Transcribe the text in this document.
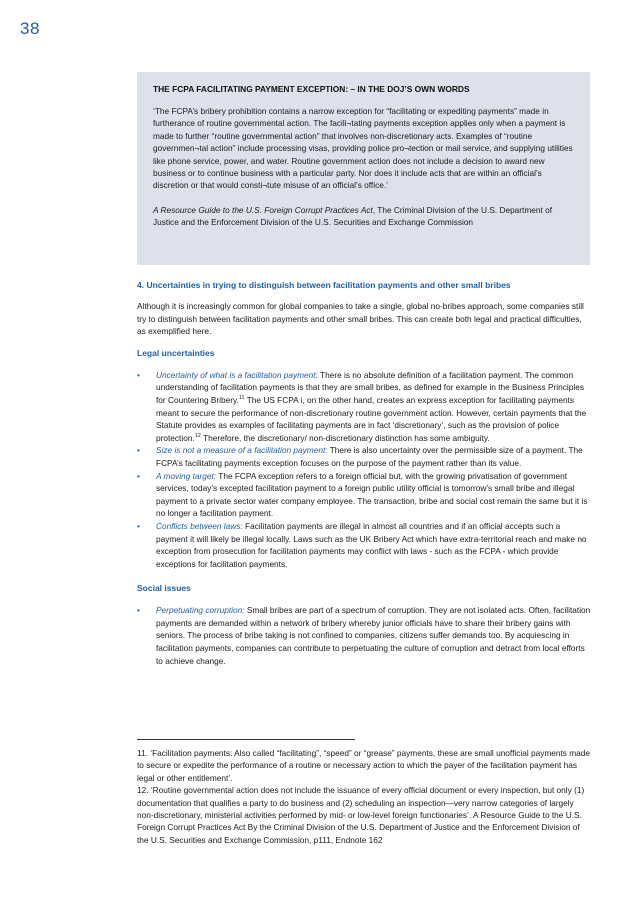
38
THE FCPA FACILITATING PAYMENT EXCEPTION: – IN THE DOJ’S OWN WORDS

‘The FCPA’s bribery prohibition contains a narrow exception for “facilitating or expediting payments” made in furtherance of routine governmental action. The facili¬tating payments exception applies only when a payment is made to further “routine governmental action” that involves non-discretionary acts. Examples of “routine governmen¬tal action” include processing visas, providing police pro¬tection or mail service, and supplying utilities like phone service, power, and water. Routine government action does not include a decision to award new business or to continue business with a particular party. Nor does it include acts that are within an official’s discretion or that would consti¬tute misuse of an official’s office.’

A Resource Guide to the U.S. Foreign Corrupt Practices Act, The Criminal Division of the U.S. Department of Justice and the Enforcement Division of the U.S. Securities and Exchange Commission

4. Uncertainties in trying to distinguish between facilitation payments and other small bribes

Although it is increasingly common for global companies to take a single, global no-bribes approach, some companies still try to distinguish between facilitation payments and other small bribes. This can create both legal and practical difficulties, as exemplified here.

Legal uncertainties
• Uncertainty of what is a facilitation payment: There is no absolute definition of a facilitation payment. The common understanding of facilitation payments is that they are small bribes, as defined for example in the Business Principles for Countering Bribery.$^{11}$ The US FCPA i, on the other hand, creates an express exception for facilitating payments meant to secure the performance of non-discretionary routine government action. However, certain payments that the Statute provides as examples of facilitating payments are in fact ‘discretionary’, such as the provision of police protection.$^{12}$ Therefore, the discretionary/ non-discretionary distinction has some ambiguity.
• Size is not a measure of a facilitation payment: There is also uncertainty over the permissible size of a payment. The FCPA’s facilitating payments exception focuses on the purpose of the payment rather than its value.
• A moving target: The FCPA exception refers to a foreign official but, with the growing privatisation of government services, today’s excepted facilitation payment to a foreign public utility official is tomorrow’s small bribe and illegal payment to a private sector water company employee. The transaction, bribe and social cost remain the same but it is no longer a facilitation payment.
• Conflicts between laws: Facilitation payments are illegal in almost all countries and if an official accepts such a payment it will likely be illegal locally. Laws such as the UK Bribery Act which have extra-territorial reach and make no exception from prosecution for facilitation payments may conflict with laws - such as the FCPA - which provide exceptions for facilitation payments.
Social issues
• Perpetuating corruption: Small bribes are part of a spectrum of corruption. They are not isolated acts. Often, facilitation payments are demanded within a network of bribery whereby junior officials have to share their bribery gains with seniors. The process of bribe taking is not confined to companies, citizens suffer demands too. By acquiescing in facilitation payments, companies can contribute to perpetuating the culture of corruption and detract from local efforts to achieve change.

11. ‘Facilitation payments: Also called “facilitating”, “speed” or “grease” payments, these are small unofficial payments made to secure or expedite the performance of a routine or necessary action to which the payer of the facilitation payment has legal or other entitlement’.

12. ‘Routine governmental action does not include the issuance of every official document or every inspection, but only (1) documentation that qualifies a party to do business and (2) scheduling an inspection—very narrow categories of largely non-discretionary, ministerial activities performed by mid- or low-level foreign functionaries’. A Resource Guide to the U.S. Foreign Corrupt Practices Act By the Criminal Division of the U.S. Department of Justice and the Enforcement Division of the U.S. Securities and Exchange Commission, p111, Endnote 162
